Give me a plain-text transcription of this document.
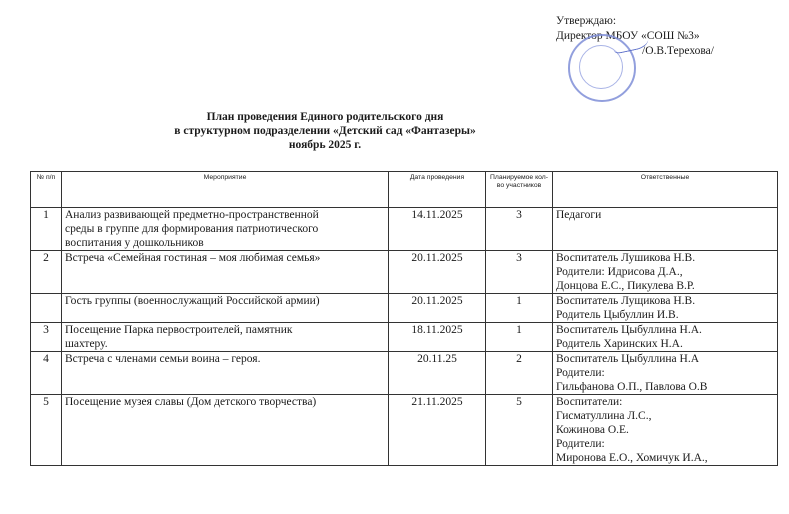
Утверждаю:
Директор МБОУ «СОШ №3»
/О.В.Терехова/
План проведения Единого родительского дня
в структурном подразделении «Детский сад «Фантазеры»
ноябрь 2025 г.
№ п/п	Мероприятие	Дата проведения	Планируемое кол-во участников	Ответственные
1	Анализ развивающей предметно-пространственной
среды в группе для формирования патриотического
воспитания у дошкольников	14.11.2025	3	Педагоги

2	Встреча «Семейная гостиная – моя любимая семья»	20.11.2025	3	Воспитатель Лушикова Н.В.
Родители: Идрисова Д.А.,
Донцова Е.С., Пикулева В.Р.

	Гость группы (военнослужащий Российской армии)	20.11.2025	1	Воспитатель Лущикова Н.В.
Родитель Цыбуллин И.В.

3	Посещение Парка первостроителей, памятник
шахтеру.	18.11.2025	1	Воспитатель Цыбуллина Н.А.
Родитель Харинских Н.А.

4	Встреча с членами семьи воина – героя.	20.11.25	2	Воспитатель Цыбуллина Н.А
Родители:
Гильфанова О.П., Павлова О.В

5	Посещение музея славы (Дом детского творчества)	21.11.2025	5	Воспитатели:
Гисматуллина Л.С.,
Кожинова О.Е.
Родители:
Миронова Е.О., Хомичук И.А.,
